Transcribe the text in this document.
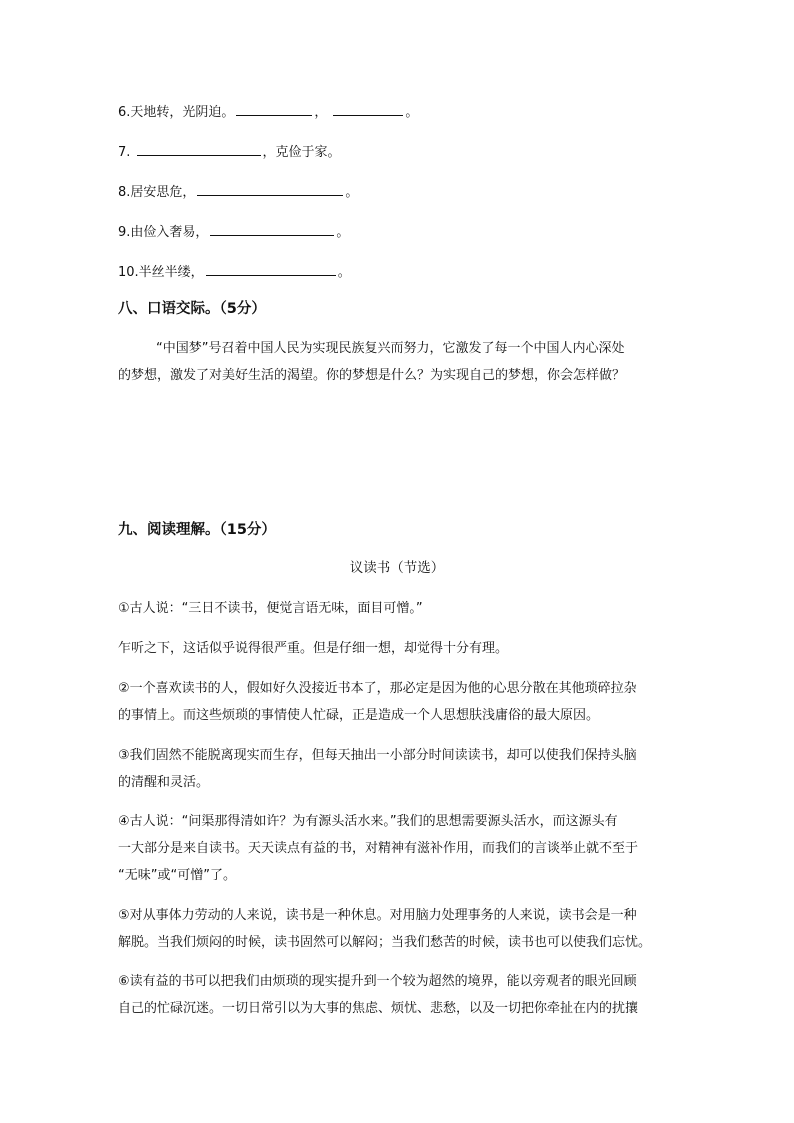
6.天地转，光阴迫。	，	。
7.	，克俭于家。
8.居安思危，	。
9.由俭入奢易，	。
10.半丝半缕，	。
八、口语交际。（5分）
“中国梦”号召着中国人民为实现民族复兴而努力，它激发了每一个中国人内心深处
的梦想，激发了对美好生活的渴望。你的梦想是什么？为实现自己的梦想，你会怎样做？
九、阅读理解。（15分）
议读书（节选）
①古人说：“三日不读书，便觉言语无味，面目可憎。”
乍听之下，这话似乎说得很严重。但是仔细一想，却觉得十分有理。
②一个喜欢读书的人，假如好久没接近书本了，那必定是因为他的心思分散在其他琐碎拉杂
的事情上。而这些烦琐的事情使人忙碌，正是造成一个人思想肤浅庸俗的最大原因。
③我们固然不能脱离现实而生存，但每天抽出一小部分时间读读书，却可以使我们保持头脑
的清醒和灵活。
④古人说：“问渠那得清如许？为有源头活水来。”我们的思想需要源头活水，而这源头有
一大部分是来自读书。天天读点有益的书，对精神有滋补作用，而我们的言谈举止就不至于
“无味”或“可憎”了。
⑤对从事体力劳动的人来说，读书是一种休息。对用脑力处理事务的人来说，读书会是一种
解脱。当我们烦闷的时候，读书固然可以解闷；当我们愁苦的时候，读书也可以使我们忘忧。
⑥读有益的书可以把我们由烦琐的现实提升到一个较为超然的境界，能以旁观者的眼光回顾
自己的忙碌沉迷。一切日常引以为大事的焦虑、烦忧、悲愁，以及一切把你牵扯在内的扰攘
